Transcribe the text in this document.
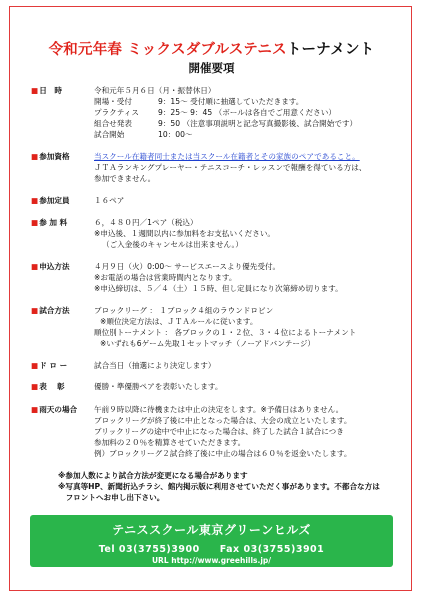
令和元年春 ミックスダブルステニストーナメント
開催要項
■日　時	令和元年５月６日（月・振替休日）
開場・受付	9：15～ 受付順に抽選していただきます。
プラクティス	9：25～ 9：45 （ボールは各自でご用意ください）
組合せ発表	9：50 （注意事項説明と記念写真撮影後、試合開始です）
試合開始	10：00～
■参加資格	当スクール在籍者同士または当スクール在籍者とその家族のペアであること。
ＪＴＡランキングプレーヤー・テニスコーチ・レッスンで報酬を得ている方は、
参加できません。
■参加定員	１６ペア
■参 加 料	６，４８０円／1ペア（税込）
※申込後、１週間以内に参加料をお支払いください。
（ご入金後のキャンセルは出来ません。）
■申込方法	４月９日（火）0:00～ サービスエースより優先受付。
※お電話の場合は営業時間内となります。
※申込締切は、５／４（土）１５時、但し定員になり次第締め切ります。
■試合方法	ブロックリーグ ： １ブロック４組のラウンドロビン
※順位決定方法は、ＪＴＡルールに従います。
順位別トーナメント ： 各ブロックの１・２位、３・４位によるトーナメント
※いずれも6ゲーム先取１セットマッチ（ノーアドバンテージ）
■ド ロ ー	試合当日（抽選により決定します）
■表　 彰	優勝・準優勝ペアを表彰いたします。
■雨天の場合 午前９時以降に待機または中止の決定をします。※予備日はありません。
ブロックリーグが終了後に中止となった場合は、大会の成立といたします。
ブリックリーグの途中で中止になった場合は、終了した試合１試合につき
参加料の２０％を精算させていただきます。
例）ブロックリーグ２試合終了後に中止の場合は６０％を返金いたします。
※参加人数により試合方法が変更になる場合があります
※写真等HP、新聞折込チラシ、館内掲示版に利用させていただく事があります。不都合な方は
　フロントへお申し出下さい。
テニススクール東京グリーンヒルズ
Tel 03(3755)3900　　Fax 03(3755)3901
URL http://www.greehills.jp/
